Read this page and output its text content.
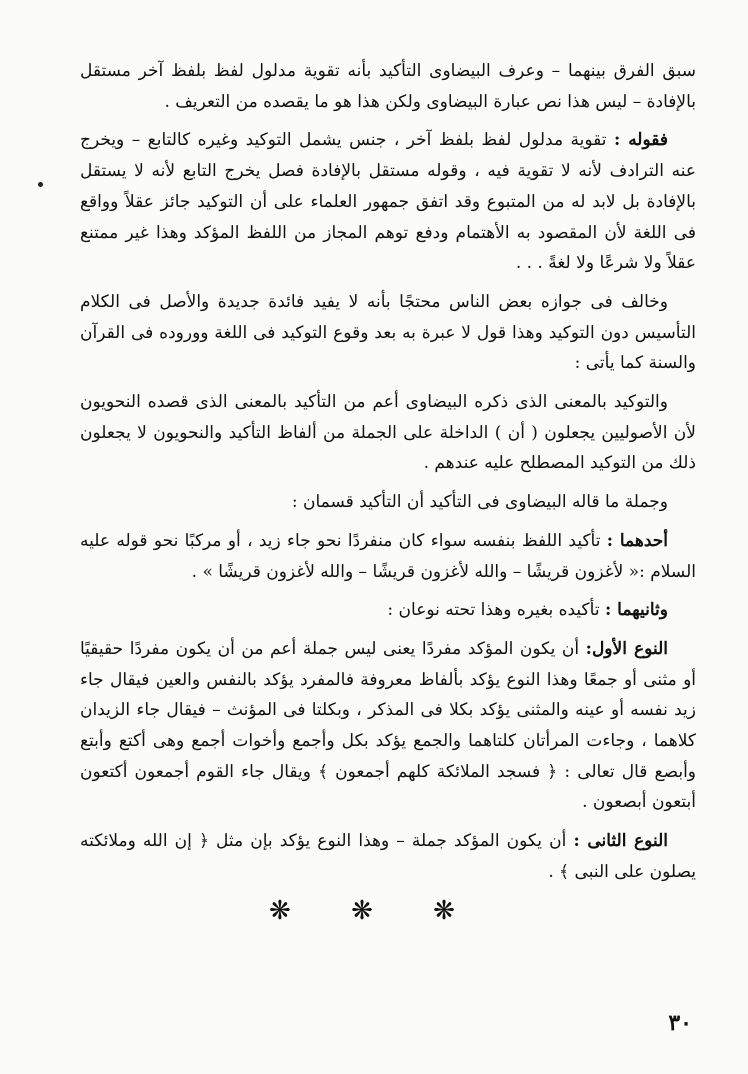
سبق الفرق بينهما – وعرف البيضاوى التأكيد بأنه تقوية مدلول لفظ بلفظ آخر مستقل بالإفادة – ليس هذا نص عبارة البيضاوى ولكن هذا هو ما يقصده من التعريف .

فقوله : تقوية مدلول لفظ بلفظ آخر ، جنس يشمل التوكيد وغيره كالتابع – ويخرج عنه الترادف لأنه لا تقوية فيه ، وقوله مستقل بالإفادة فصل يخرج التابع لأنه لا يستقل بالإفادة بل لابد له من المتبوع وقد اتفق جمهور العلماء على أن التوكيد جائز عقلاً وواقع فى اللغة لأن المقصود به الأهتمام ودفع توهم المجاز من اللفظ المؤكد وهذا غير ممتنع عقلاً ولا شرعًا ولا لغةً . . .

وخالف فى جوازه بعض الناس محتجًا بأنه لا يفيد فائدة جديدة والأصل فى الكلام التأسيس دون التوكيد وهذا قول لا عبرة به بعد وقوع التوكيد فى اللغة ووروده فى القرآن والسنة كما يأتى :

والتوكيد بالمعنى الذى ذكره البيضاوى أعم من التأكيد بالمعنى الذى قصده النحويون لأن الأصوليين يجعلون ( أن ) الداخلة على الجملة من ألفاظ التأكيد والنحويون لا يجعلون ذلك من التوكيد المصطلح عليه عندهم .

وجملة ما قاله البيضاوى فى التأكيد أن التأكيد قسمان :

أحدهما : تأكيد اللفظ بنفسه سواء كان منفردًا نحو جاء زيد ، أو مركبًا نحو قوله عليه السلام :« لأغزون قريشًا – والله لأغزون قريشًا – والله لأغزون قريشًا » .

وثانيهما : تأكيده بغيره وهذا تحته نوعان :

النوع الأول: أن يكون المؤكد مفردًا يعنى ليس جملة أعم من أن يكون مفردًا حقيقيًا أو مثنى أو جمعًا وهذا النوع يؤكد بألفاظ معروفة فالمفرد يؤكد بالنفس والعين فيقال جاء زيد نفسه أو عينه والمثنى يؤكد بكلا فى المذكر ، وبكلتا فى المؤنث – فيقال جاء الزيدان كلاهما ، وجاءت المرأتان كلتاهما والجمع يؤكد بكل وأجمع وأخوات أجمع وهى أكتع وأبتع وأبصع قال تعالى : ﴿ فسجد الملائكة كلهم أجمعون ﴾ ويقال جاء القوم أجمعون أكتعون أبتعون أبصعون .

النوع الثانى : أن يكون المؤكد جملة – وهذا النوع يؤكد بإن مثل ﴿ إن الله وملائكته يصلون على النبى ﴾ .

❋ ❋ ❋
٣٠
